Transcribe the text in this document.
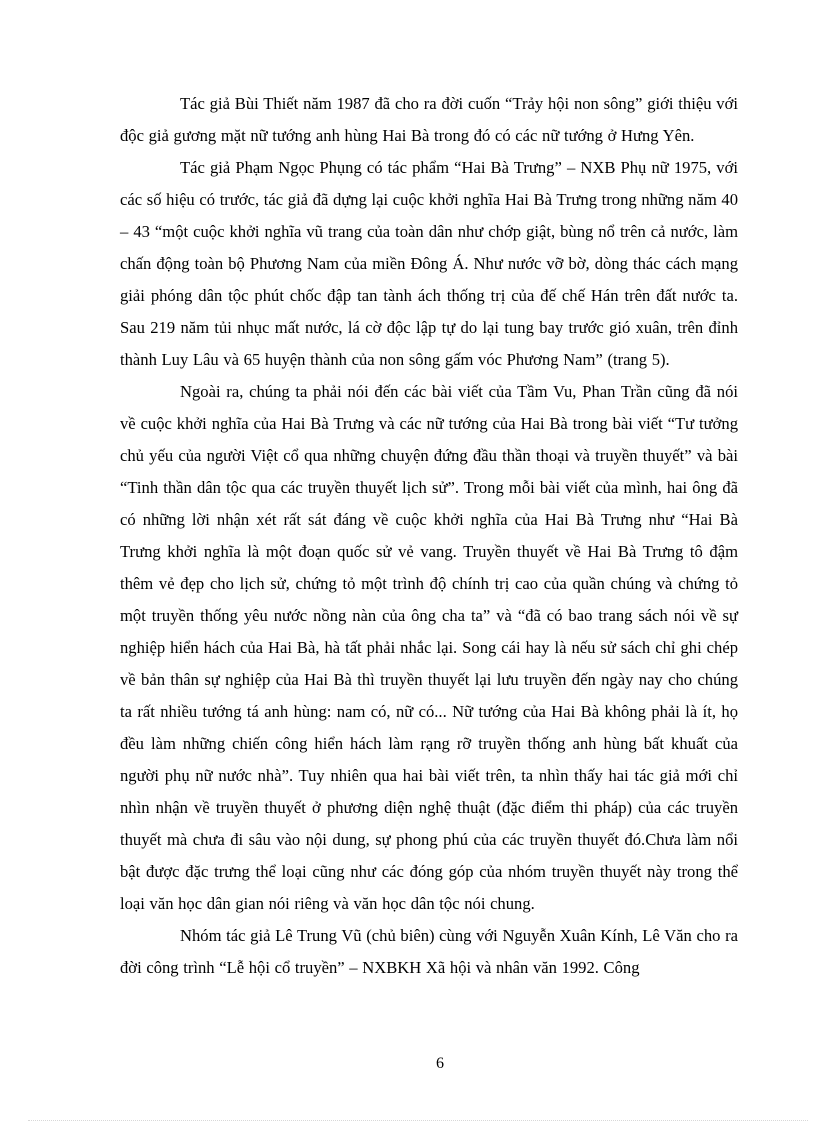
Tác giả Bùi Thiết năm 1987 đã cho ra đời cuốn “Trảy hội non sông” giới thiệu với độc giả gương mặt nữ tướng anh hùng Hai Bà trong đó có các nữ tướng ở Hưng Yên.

Tác giả Phạm Ngọc Phụng có tác phẩm “Hai Bà Trưng” – NXB Phụ nữ 1975, với các số hiệu có trước, tác giả đã dựng lại cuộc khởi nghĩa Hai Bà Trưng trong những năm 40 – 43 “một cuộc khởi nghĩa vũ trang của toàn dân như chớp giật, bùng nổ trên cả nước, làm chấn động toàn bộ Phương Nam của miền Đông Á. Như nước vỡ bờ, dòng thác cách mạng giải phóng dân tộc phút chốc đập tan tành ách thống trị của đế chế Hán trên đất nước ta. Sau 219 năm tủi nhục mất nước, lá cờ độc lập tự do lại tung bay trước gió xuân, trên đỉnh thành Luy Lâu và 65 huyện thành của non sông gấm vóc Phương Nam” (trang 5).

Ngoài ra, chúng ta phải nói đến các bài viết của Tầm Vu, Phan Trần cũng đã nói về cuộc khởi nghĩa của Hai Bà Trưng và các nữ tướng của Hai Bà trong bài viết “Tư tưởng chủ yếu của người Việt cổ qua những chuyện đứng đầu thần thoại và truyền thuyết” và bài “Tinh thần dân tộc qua các truyền thuyết lịch sử”. Trong mỗi bài viết của mình, hai ông đã có những lời nhận xét rất sát đáng về cuộc khởi nghĩa của Hai Bà Trưng như “Hai Bà Trưng khởi nghĩa là một đoạn quốc sử vẻ vang. Truyền thuyết về Hai Bà Trưng tô đậm thêm vẻ đẹp cho lịch sử, chứng tỏ một trình độ chính trị cao của quần chúng và chứng tỏ một truyền thống yêu nước nồng nàn của ông cha ta” và “đã có bao trang sách nói về sự nghiệp hiển hách của Hai Bà, hà tất phải nhắc lại. Song cái hay là nếu sử sách chỉ ghi chép về bản thân sự nghiệp của Hai Bà thì truyền thuyết lại lưu truyền đến ngày nay cho chúng ta rất nhiều tướng tá anh hùng: nam có, nữ có... Nữ tướng của Hai Bà không phải là ít, họ đều làm những chiến công hiển hách làm rạng rỡ truyền thống anh hùng bất khuất của người phụ nữ nước nhà”. Tuy nhiên qua hai bài viết trên, ta nhìn thấy hai tác giả mới chỉ nhìn nhận về truyền thuyết ở phương diện nghệ thuật (đặc điểm thi pháp) của các truyền thuyết mà chưa đi sâu vào nội dung, sự phong phú của các truyền thuyết đó.Chưa làm nổi bật được đặc trưng thể loại cũng như các đóng góp của nhóm truyền thuyết này trong thể loại văn học dân gian nói riêng và văn học dân tộc nói chung.

Nhóm tác giả Lê Trung Vũ (chủ biên) cùng với Nguyễn Xuân Kính, Lê Văn cho ra đời công trình “Lễ hội cổ truyền” – NXBKH Xã hội và nhân văn 1992. Công

6
